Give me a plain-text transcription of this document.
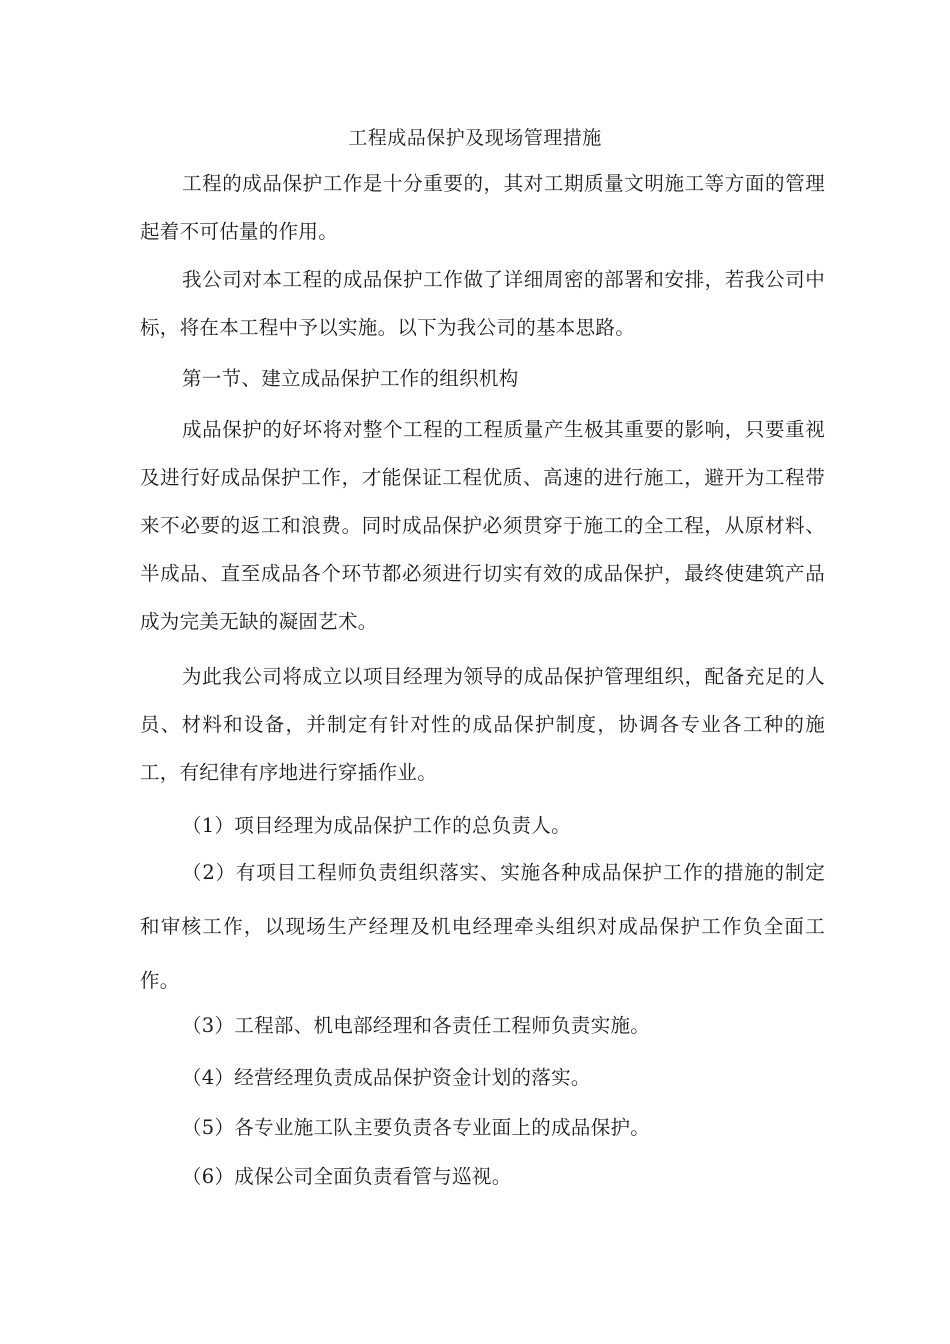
工程成品保护及现场管理措施

工程的成品保护工作是十分重要的，其对工期质量文明施工等方面的管理起着不可估量的作用。

我公司对本工程的成品保护工作做了详细周密的部署和安排，若我公司中标，将在本工程中予以实施。以下为我公司的基本思路。

第一节、建立成品保护工作的组织机构

成品保护的好坏将对整个工程的工程质量产生极其重要的影响，只要重视及进行好成品保护工作，才能保证工程优质、高速的进行施工，避开为工程带来不必要的返工和浪费。同时成品保护必须贯穿于施工的全工程，从原材料、半成品、直至成品各个环节都必须进行切实有效的成品保护，最终使建筑产品成为完美无缺的凝固艺术。

为此我公司将成立以项目经理为领导的成品保护管理组织，配备充足的人员、材料和设备，并制定有针对性的成品保护制度，协调各专业各工种的施工，有纪律有序地进行穿插作业。

（1）项目经理为成品保护工作的总负责人。

（2）有项目工程师负责组织落实、实施各种成品保护工作的措施的制定和审核工作，以现场生产经理及机电经理牵头组织对成品保护工作负全面工作。

（3）工程部、机电部经理和各责任工程师负责实施。

（4）经营经理负责成品保护资金计划的落实。

（5）各专业施工队主要负责各专业面上的成品保护。

（6）成保公司全面负责看管与巡视。
